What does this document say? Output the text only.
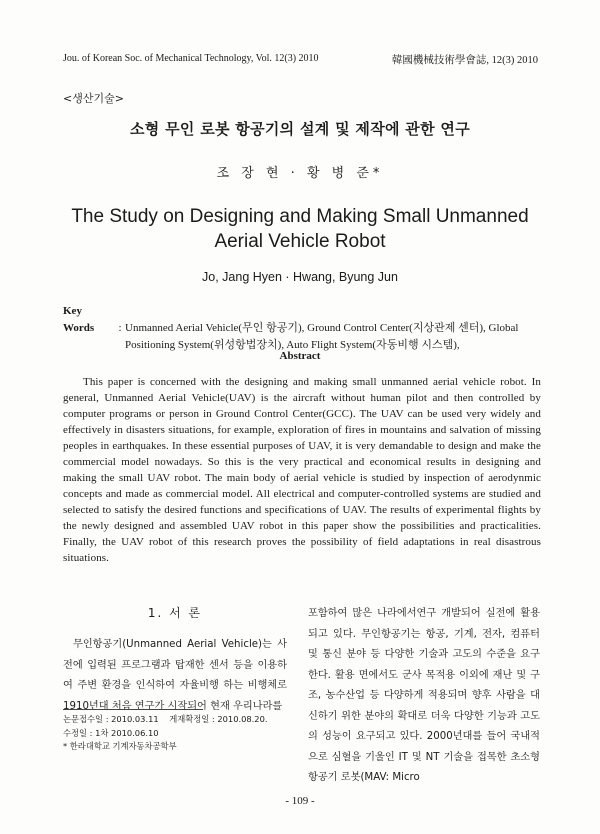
Jou. of Korean Soc. of Mechanical Technology, Vol. 12(3) 2010	韓國機械技術學會誌, 12(3) 2010
<생산기술>
소형 무인 로봇 항공기의 설계 및 제작에 관한 연구
조 장 현 · 황 병 준*
The Study on Designing and Making Small Unmanned
Aerial Vehicle Robot
Jo, Jang Hyen · Hwang, Byung Jun
Key Words : Unmanned Aerial Vehicle(무인 항공기), Ground Control Center(지상관제 센터), Global Positioning System(위성항법장치), Auto Flight System(자동비행 시스템),
Abstract

This paper is concerned with the designing and making small unmanned aerial vehicle robot. In general, Unmanned Aerial Vehicle(UAV) is the aircraft without human pilot and then controlled by computer programs or person in Ground Control Center(GCC). The UAV can be used very widely and effectively in disasters situations, for example, exploration of fires in mountains and salvation of missing peoples in earthquakes. In these essential purposes of UAV, it is very demandable to design and make the commercial model nowadays. So this is the very practical and economical results in designing and making the small UAV robot. The main body of aerial vehicle is studied by inspection of aerodynmic concepts and made as commercial model. All electrical and computer-controlled systems are studied and selected to satisfy the desired functions and specifications of UAV. The results of experimental flights by the newly designed and assembled UAV robot in this paper show the possibilities and practicalities. Finally, the UAV robot of this research proves the possibility of field adaptations in real disastrous situations.

1. 서 론

무인항공기(Unmanned Aerial Vehicle)는 사전에 입력된 프로그램과 탑재한 센서 등을 이용하여 주변 환경을 인식하여 자율비행 하는 비행체로 1910년대 처음 연구가 시작되어 현재 우리나라를

포함하여 많은 나라에서연구 개발되어 실전에 활용되고 있다. 무인항공기는 항공, 기계, 전자, 컴퓨터 및 통신 분야 등 다양한 기술과 고도의 수준을 요구한다. 활용 면에서도 군사 목적용 이외에 재난 및 구조, 농수산업 등 다양하게 적용되며 향후 사람을 대신하기 위한 분야의 확대로 더욱 다양한 기능과 고도의 성능이 요구되고 있다. 2000년대를 들어 국내적으로 심혈을 기울인 IT 및 NT 기술을 접목한 초소형 항공기 로봇(MAV: Micro

논문접수일 : 2010.03.11 게재확정일 : 2010.08.20.
수정일 : 1차 2010.06.10
* 한라대학교 기계자동차공학부
- 109 -
